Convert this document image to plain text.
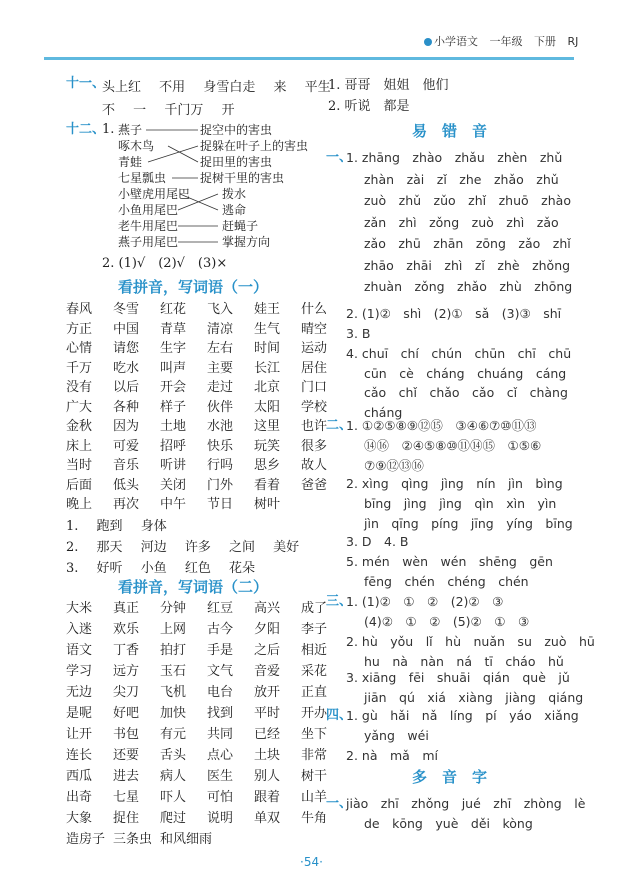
小学语文 一年级 下册 RJ
十一、
头上红 不用 身雪白走 来 平生
不 一 千门万 开
十二、
1. 燕子
啄木鸟
青蛙
七星瓢虫
捉空中的害虫
捉躲在叶子上的害虫
捉田里的害虫
捉树干里的害虫
小壁虎用尾巴
小鱼用尾巴
老牛用尾巴
燕子用尾巴
拨水
逃命
赶蝇子
掌握方向
2. (1)√　(2)√　(3)×
看拼音，写词语（一）
春风	冬雪	红花	飞入	娃王	什么
方正	中国	青草	清凉	生气	晴空
心情	请您	生字	左右	时间	运动
千万	吃水	叫声	主要	长江	居住
没有	以后	开会	走过	北京	门口
广大	各种	样子	伙伴	太阳	学校
金秋	因为	土地	水池	这里	也许
床上	可爱	招呼	快乐	玩笑	很多
当时	音乐	听讲	行吗	思乡	故人
后面	低头	关闭	门外	看着	爸爸
晚上	再次	中午	节日	树叶
1. 跑到 身体
2. 那天 河边 许多 之间 美好
3. 好听 小鱼 红色 花朵
看拼音，写词语（二）
大米	真正	分钟	红豆	高兴	成了
入迷	欢乐	上网	古今	夕阳	李子
语文	丁香	拍打	手是	之后	相近
学习	远方	玉石	文气	音爱	采花
无边	尖刀	飞机	电台	放开	正直
是呢	好吧	加快	找到	平时	开办
让开	书包	有元	共同	已经	坐下
连长	还要	舌头	点心	土块	非常
西瓜	进去	病人	医生	别人	树干
出奇	七星	吓人	可怕	跟着	山羊
大象	捉住	爬过	说明	单双	牛角
造房子 三条虫 和风细雨
1. 哥哥　姐姐　他们
2. 听说　都是
易　错　音
一、
1. zhāng　zhào　zhǎu　zhèn　zhǔ
zhàn　zài　zǐ　zhe　zhǎo　zhǔ
zuò　zhǔ　zǔo　zhǐ　zhuō　zhào
zǎn　zhì　zǒng　zuò　zhì　zǎo
zǎo　zhū　zhān　zōng　zǎo　zhǐ
zhāo　zhāi　zhì　zǐ　zhè　zhǒng
zhuàn　zǒng　zhǎo　zhù　zhōng
2. (1)②　shì　(2)①　sǎ　(3)③　shī
3. B
4. chuī　chí　chún　chūn　chī　chū
cūn　cè　cháng　chuáng　cáng
cǎo　chǐ　chǎo　cǎo　cǐ　chàng
cháng
二、
1. ①②⑤⑧⑨⑫⑮　③④⑥⑦⑩⑪⑬
⑭⑯　②④⑤⑧⑩⑪⑭⑮　①⑤⑥
⑦⑨⑫⑬⑯
2. xìng　qìng　jìng　nín　jìn　bìng
bīng　jìng　jìng　qìn　xìn　yìn
jìn　qīng　píng　jīng　yíng　bīng
3. D　4. B
5. mén　wèn　wén　shēng　gēn
fēng　chén　chéng　chén
三、
1. (1)②　①　②　(2)②　③
(4)②　①　②　(5)②　①　③
2. hù　yǒu　lǐ　hù　nuǎn　su　zuò　hū
hu　nà　nàn　ná　tī　cháo　hǔ
3. xiāng　fēi　shuāi　qián　què　jǔ
jiān　qú　xiá　xiàng　jiàng　qiáng
四、
1. gù　hǎi　nǎ　líng　pí　yáo　xiǎng
yǎng　wéi
2. nà　mǎ　mí
多　音　字
一、
jiào　zhī　zhǒng　jué　zhī　zhòng　lè
de　kōng　yuè　děi　kòng
·54·
